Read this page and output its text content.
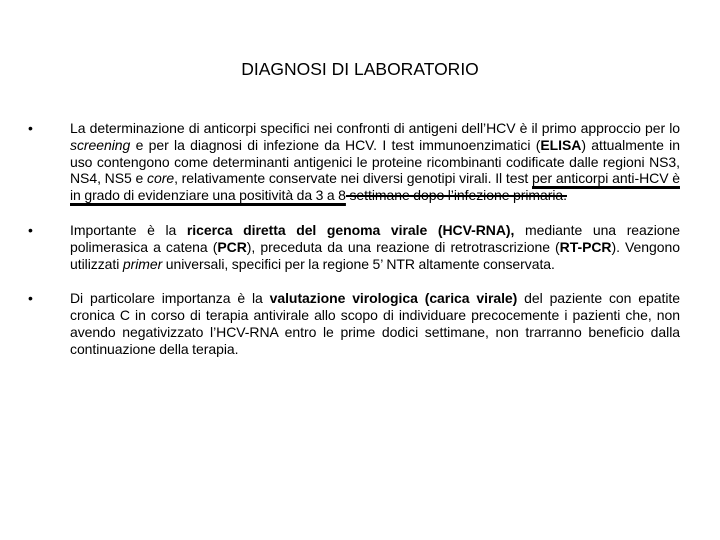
DIAGNOSI DI LABORATORIO
•	La determinazione di anticorpi specifici nei confronti di antigeni dell’HCV è il primo approccio per lo screening e per la diagnosi di infezione da HCV. I test immunoenzimatici (ELISA) attualmente in uso contengono come determinanti antigenici le proteine ricombinanti codificate dalle regioni NS3, NS4, NS5 e core, relativamente conservate nei diversi genotipi virali. Il test per anticorpi anti-HCV è in grado di evidenziare una positività da 3 a 8 settimane dopo l’infezione primaria.
•	Importante è la ricerca diretta del genoma virale (HCV-RNA), mediante una reazione polimerasica a catena (PCR), preceduta da una reazione di retrotrascrizione (RT-PCR). Vengono utilizzati primer universali, specifici per la regione 5’ NTR altamente conservata.
•	Di particolare importanza è la valutazione virologica (carica virale) del paziente con epatite cronica C in corso di terapia antivirale allo scopo di individuare precocemente i pazienti che, non avendo negativizzato l’HCV-RNA entro le prime dodici settimane, non trarranno beneficio dalla continuazione della terapia.
